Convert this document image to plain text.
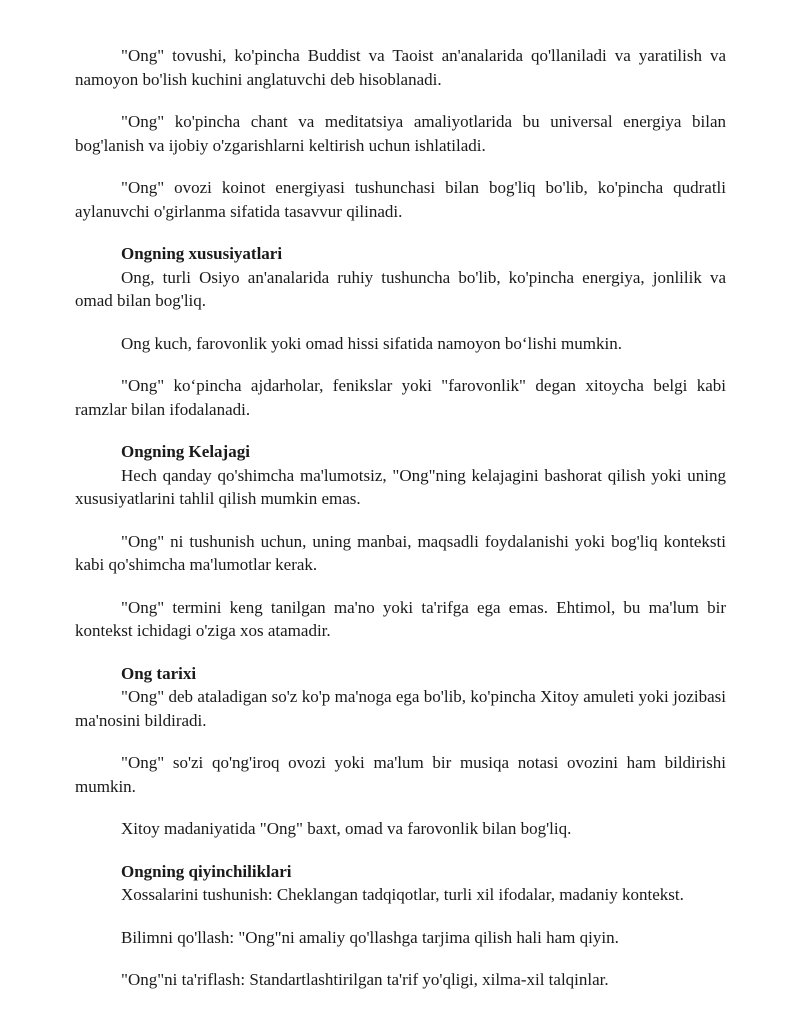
"Ong" tovushi, ko'pincha Buddist va Taoist an'analarida qo'llaniladi va yaratilish va namoyon bo'lish kuchini anglatuvchi deb hisoblanadi.

"Ong" ko'pincha chant va meditatsiya amaliyotlarida bu universal energiya bilan bog'lanish va ijobiy o'zgarishlarni keltirish uchun ishlatiladi.

"Ong" ovozi koinot energiyasi tushunchasi bilan bog'liq bo'lib, ko'pincha qudratli aylanuvchi o'girlanma sifatida tasavvur qilinadi.

Ongning xususiyatlari

Ong, turli Osiyo an'analarida ruhiy tushuncha bo'lib, ko'pincha energiya, jonlilik va omad bilan bog'liq.

Ong kuch, farovonlik yoki omad hissi sifatida namoyon bo‘lishi mumkin.

"Ong" ko‘pincha ajdarholar, fenikslar yoki "farovonlik" degan xitoycha belgi kabi ramzlar bilan ifodalanadi.

Ongning Kelajagi

Hech qanday qo'shimcha ma'lumotsiz, "Ong"ning kelajagini bashorat qilish yoki uning xususiyatlarini tahlil qilish mumkin emas.

"Ong" ni tushunish uchun, uning manbai, maqsadli foydalanishi yoki bog'liq konteksti kabi qo'shimcha ma'lumotlar kerak.

"Ong" termini keng tanilgan ma'no yoki ta'rifga ega emas. Ehtimol, bu ma'lum bir kontekst ichidagi o'ziga xos atamadir.

Ong tarixi

"Ong" deb ataladigan so'z ko'p ma'noga ega bo'lib, ko'pincha Xitoy amuleti yoki jozibasi ma'nosini bildiradi.

"Ong" so'zi qo'ng'iroq ovozi yoki ma'lum bir musiqa notasi ovozini ham bildirishi mumkin.

Xitoy madaniyatida "Ong" baxt, omad va farovonlik bilan bog'liq.

Ongning qiyinchiliklari

Xossalarini tushunish: Cheklangan tadqiqotlar, turli xil ifodalar, madaniy kontekst.

Bilimni qo'llash: "Ong"ni amaliy qo'llashga tarjima qilish hali ham qiyin.

"Ong"ni ta'riflash: Standartlashtirilgan ta'rif yo'qligi, xilma-xil talqinlar.
